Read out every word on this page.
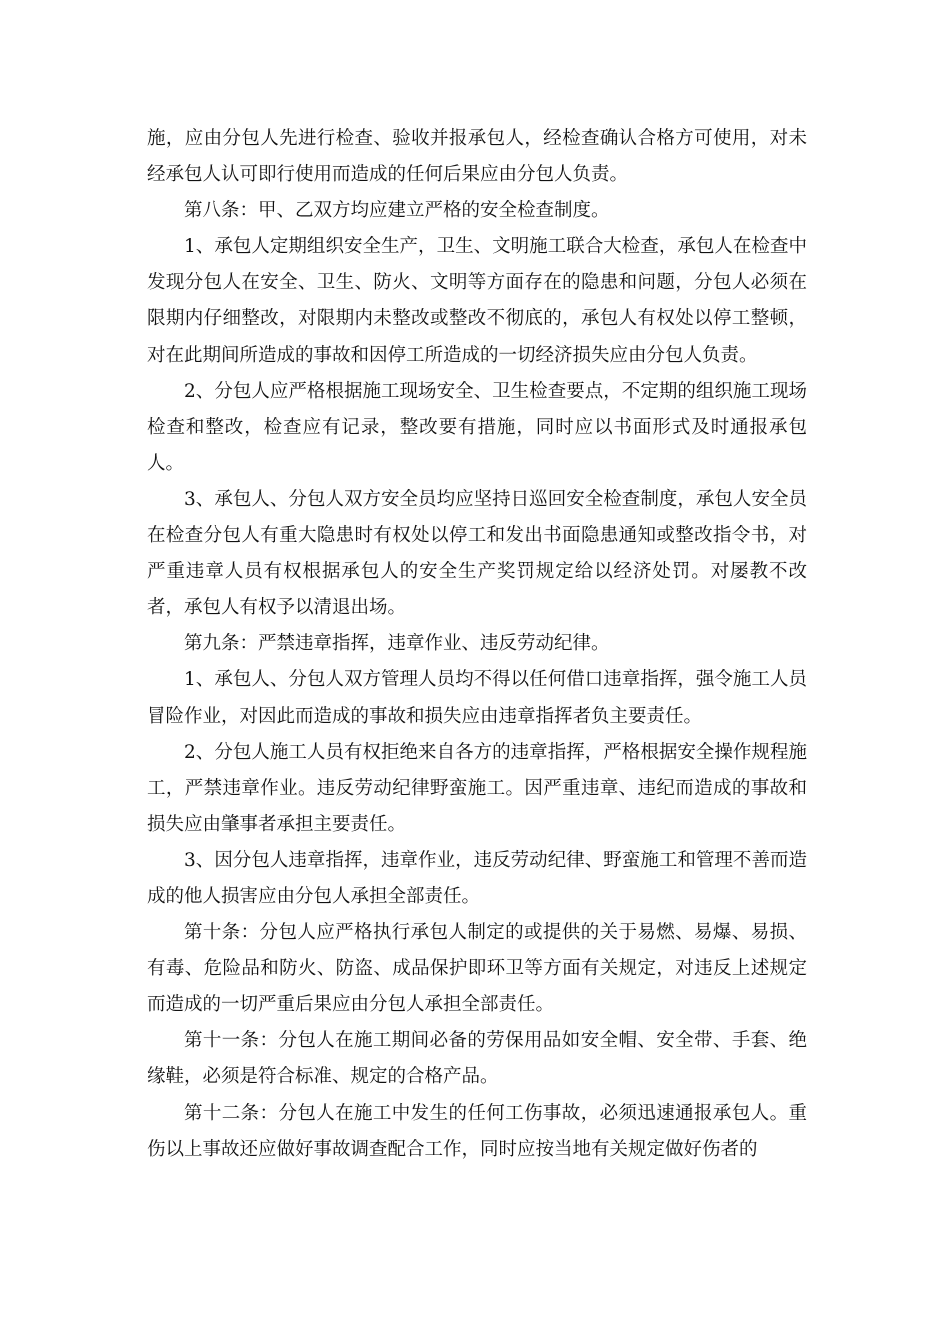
施，应由分包人先进行检查、验收并报承包人，经检查确认合格方可使用，对未经承包人认可即行使用而造成的任何后果应由分包人负责。

第八条：甲、乙双方均应建立严格的安全检查制度。

1、承包人定期组织安全生产，卫生、文明施工联合大检查，承包人在检查中发现分包人在安全、卫生、防火、文明等方面存在的隐患和问题，分包人必须在限期内仔细整改，对限期内未整改或整改不彻底的，承包人有权处以停工整顿，对在此期间所造成的事故和因停工所造成的一切经济损失应由分包人负责。

2、分包人应严格根据施工现场安全、卫生检查要点，不定期的组织施工现场检查和整改，检查应有记录，整改要有措施，同时应以书面形式及时通报承包人。

3、承包人、分包人双方安全员均应坚持日巡回安全检查制度，承包人安全员在检查分包人有重大隐患时有权处以停工和发出书面隐患通知或整改指令书，对严重违章人员有权根据承包人的安全生产奖罚规定给以经济处罚。对屡教不改者，承包人有权予以清退出场。

第九条：严禁违章指挥，违章作业、违反劳动纪律。

1、承包人、分包人双方管理人员均不得以任何借口违章指挥，强令施工人员冒险作业，对因此而造成的事故和损失应由违章指挥者负主要责任。

2、分包人施工人员有权拒绝来自各方的违章指挥，严格根据安全操作规程施工，严禁违章作业。违反劳动纪律野蛮施工。因严重违章、违纪而造成的事故和损失应由肇事者承担主要责任。

3、因分包人违章指挥，违章作业，违反劳动纪律、野蛮施工和管理不善而造成的他人损害应由分包人承担全部责任。

第十条：分包人应严格执行承包人制定的或提供的关于易燃、易爆、易损、有毒、危险品和防火、防盗、成品保护即环卫等方面有关规定，对违反上述规定而造成的一切严重后果应由分包人承担全部责任。

第十一条：分包人在施工期间必备的劳保用品如安全帽、安全带、手套、绝缘鞋，必须是符合标准、规定的合格产品。

第十二条：分包人在施工中发生的任何工伤事故，必须迅速通报承包人。重伤以上事故还应做好事故调查配合工作，同时应按当地有关规定做好伤者的
